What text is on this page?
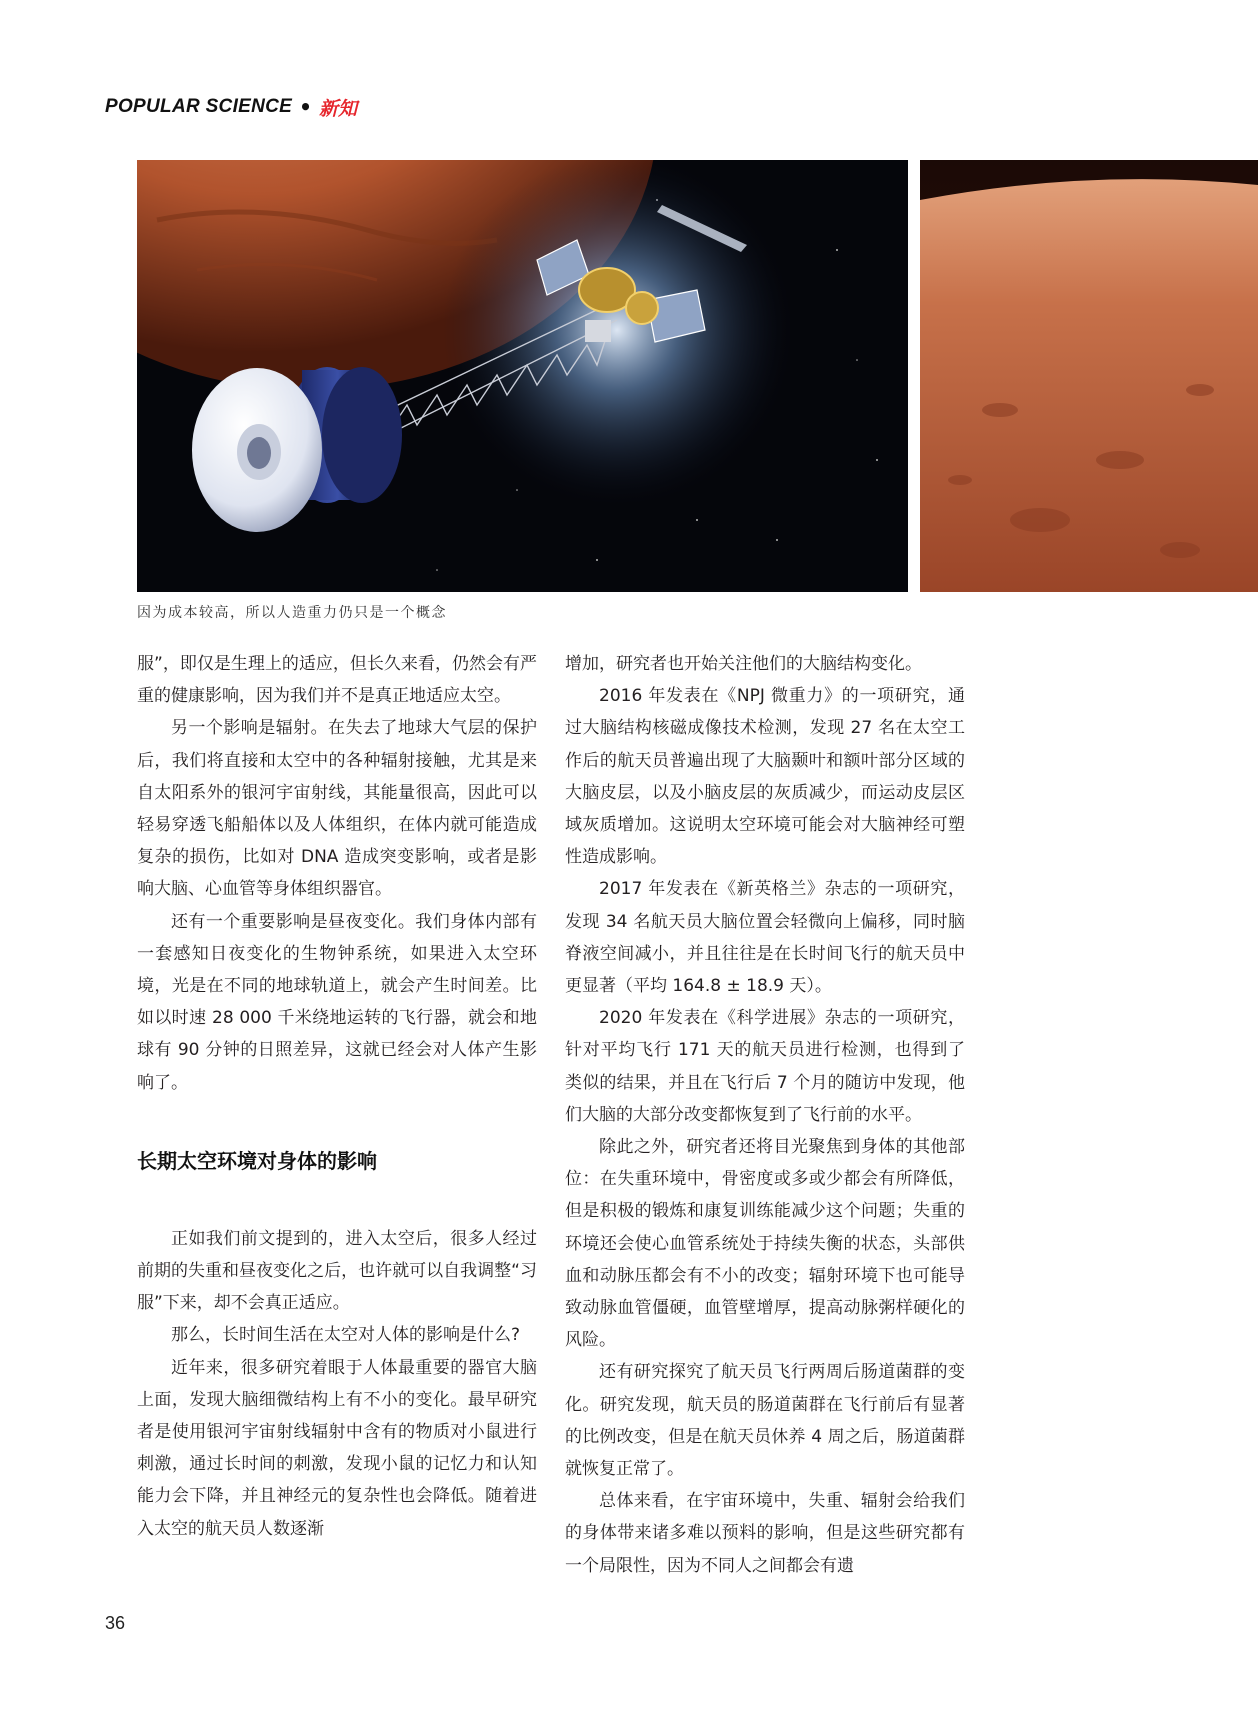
POPULAR SCIENCE • 新知
因为成本较高，所以人造重力仍只是一个概念

服”，即仅是生理上的适应，但长久来看，仍然会有严重的健康影响，因为我们并不是真正地适应太空。

另一个影响是辐射。在失去了地球大气层的保护后，我们将直接和太空中的各种辐射接触，尤其是来自太阳系外的银河宇宙射线，其能量很高，因此可以轻易穿透飞船船体以及人体组织，在体内就可能造成复杂的损伤，比如对 DNA 造成突变影响，或者是影响大脑、心血管等身体组织器官。

还有一个重要影响是昼夜变化。我们身体内部有一套感知日夜变化的生物钟系统，如果进入太空环境，光是在不同的地球轨道上，就会产生时间差。比如以时速 28 000 千米绕地运转的飞行器，就会和地球有 90 分钟的日照差异，这就已经会对人体产生影响了。

长期太空环境对身体的影响

正如我们前文提到的，进入太空后，很多人经过前期的失重和昼夜变化之后，也许就可以自我调整“习服”下来，却不会真正适应。

那么，长时间生活在太空对人体的影响是什么?

近年来，很多研究着眼于人体最重要的器官大脑上面，发现大脑细微结构上有不小的变化。最早研究者是使用银河宇宙射线辐射中含有的物质对小鼠进行刺激，通过长时间的刺激，发现小鼠的记忆力和认知能力会下降，并且神经元的复杂性也会降低。随着进入太空的航天员人数逐渐

增加，研究者也开始关注他们的大脑结构变化。

2016 年发表在《NPJ 微重力》的一项研究，通过大脑结构核磁成像技术检测，发现 27 名在太空工作后的航天员普遍出现了大脑颞叶和额叶部分区域的大脑皮层，以及小脑皮层的灰质减少，而运动皮层区域灰质增加。这说明太空环境可能会对大脑神经可塑性造成影响。

2017 年发表在《新英格兰》杂志的一项研究，发现 34 名航天员大脑位置会轻微向上偏移，同时脑脊液空间减小，并且往往是在长时间飞行的航天员中更显著（平均 164.8 ± 18.9 天）。

2020 年发表在《科学进展》杂志的一项研究，针对平均飞行 171 天的航天员进行检测，也得到了类似的结果，并且在飞行后 7 个月的随访中发现，他们大脑的大部分改变都恢复到了飞行前的水平。

除此之外，研究者还将目光聚焦到身体的其他部位：在失重环境中，骨密度或多或少都会有所降低，但是积极的锻炼和康复训练能减少这个问题；失重的环境还会使心血管系统处于持续失衡的状态，头部供血和动脉压都会有不小的改变；辐射环境下也可能导致动脉血管僵硬，血管壁增厚，提高动脉粥样硬化的风险。

还有研究探究了航天员飞行两周后肠道菌群的变化。研究发现，航天员的肠道菌群在飞行前后有显著的比例改变，但是在航天员休养 4 周之后，肠道菌群就恢复正常了。

总体来看，在宇宙环境中，失重、辐射会给我们的身体带来诸多难以预料的影响，但是这些研究都有一个局限性，因为不同人之间都会有遗

36
